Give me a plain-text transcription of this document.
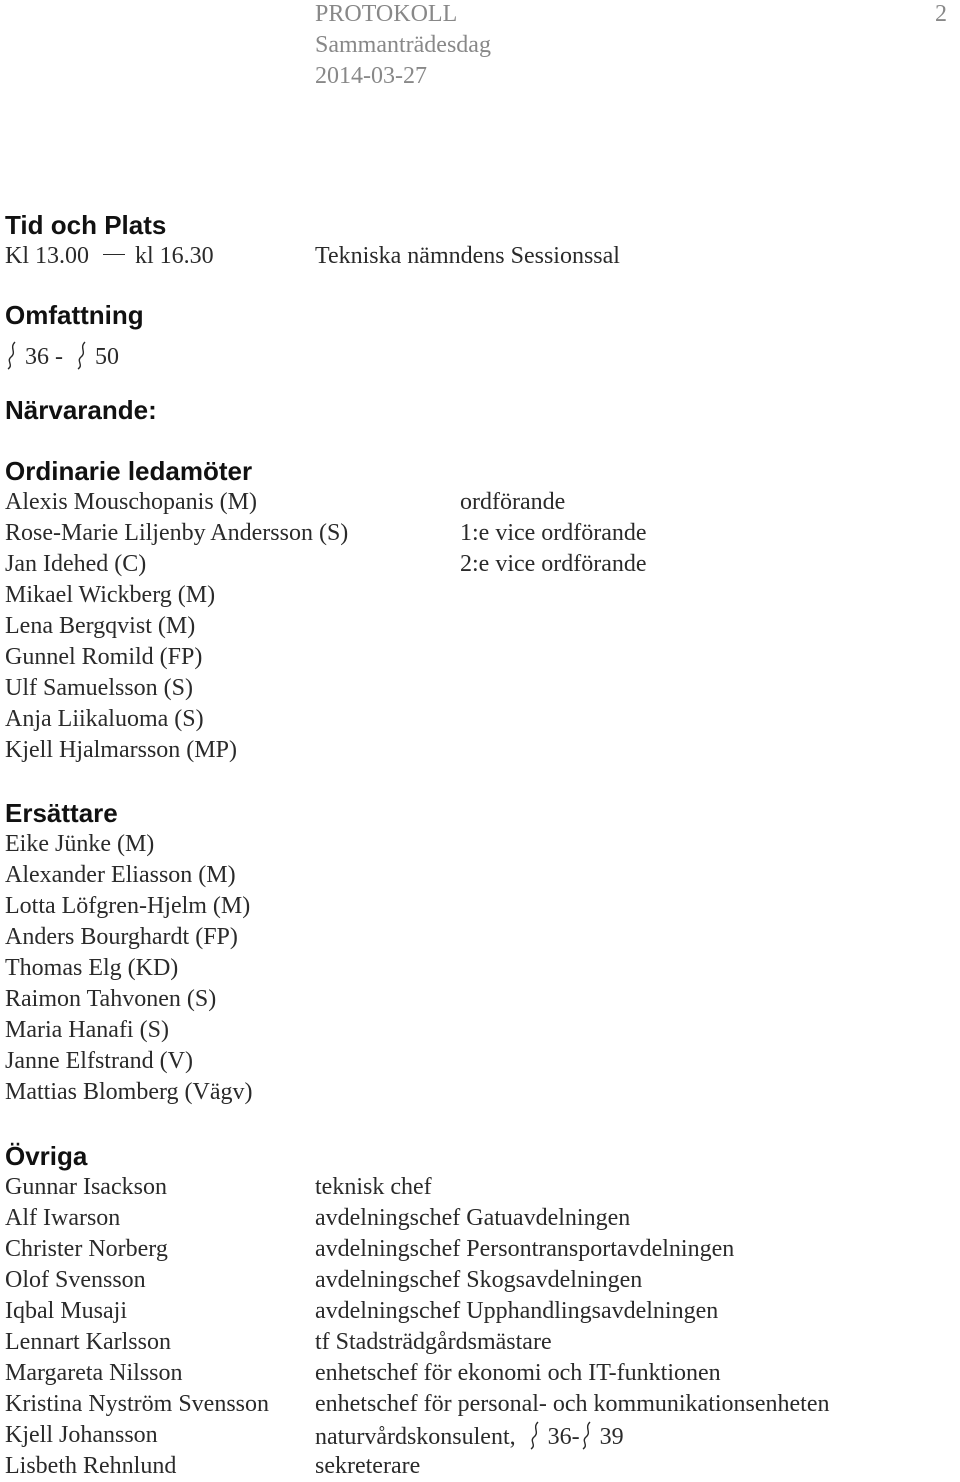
PROTOKOLL
Sammanträdesdag
2014-03-27
2
Tid och Plats
Kl 13.00 kl 16.30	Tekniska nämndens Sessionssal
Omfattning
36 - 50
Närvarande:
Ordinarie ledamöter
Alexis Mouschopanis (M)
Rose-Marie Liljenby Andersson (S)
Jan Idehed (C)
Mikael Wickberg (M)
Lena Bergqvist (M)
Gunnel Romild (FP)
Ulf Samuelsson (S)
Anja Liikaluoma (S)
Kjell Hjalmarsson (MP)
ordförande
1:e vice ordförande
2:e vice ordförande
Ersättare
Eike Jünke (M)
Alexander Eliasson (M)
Lotta Löfgren-Hjelm (M)
Anders Bourghardt (FP)
Thomas Elg (KD)
Raimon Tahvonen (S)
Maria Hanafi (S)
Janne Elfstrand (V)
Mattias Blomberg (Vägv)
Övriga
Gunnar Isackson
Alf Iwarson
Christer Norberg
Olof Svensson
Iqbal Musaji
Lennart Karlsson
Margareta Nilsson
Kristina Nyström Svensson
Kjell Johansson
Lisbeth Rehnlund
teknisk chef
avdelningschef Gatuavdelningen
avdelningschef Persontransportavdelningen
avdelningschef Skogsavdelningen
avdelningschef Upphandlingsavdelningen
tf Stadsträdgårdsmästare
enhetschef för ekonomi och IT-funktionen
enhetschef för personal- och kommunikationsenheten
naturvårdskonsulent, 36- 39
sekreterare
